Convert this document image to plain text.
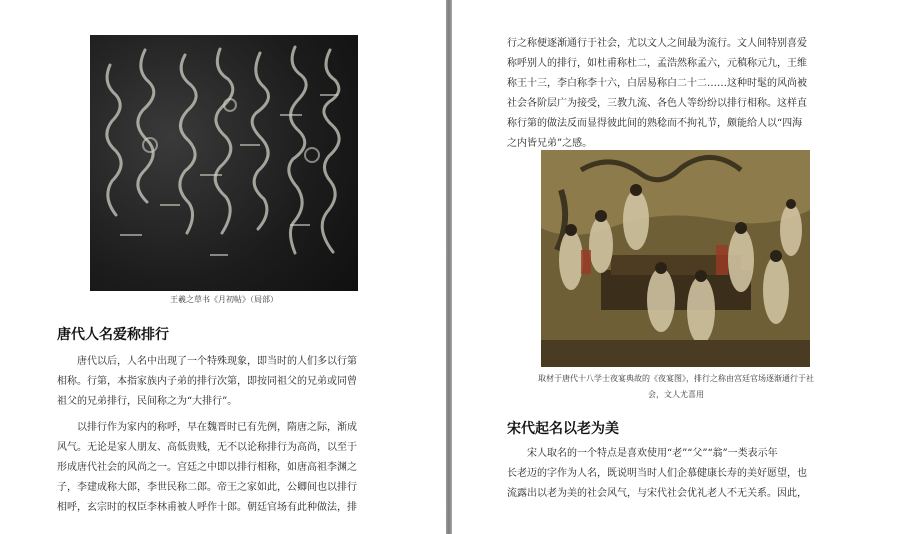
王羲之草书《月初帖》（局部）
唐代人名爱称排行
唐代以后，人名中出现了一个特殊现象，即当时的人们多以行第
相称。行第，本指家族内子弟的排行次第，即按同祖父的兄弟或同曾
祖父的兄弟排行，民间称之为“大排行”。
以排行作为家内的称呼，早在魏晋时已有先例，隋唐之际，渐成
风气。无论是家人朋友、高低贵贱，无不以论称排行为高尚，以至于
形成唐代社会的风尚之一。宫廷之中即以排行相称，如唐高祖李渊之
子，李建成称大郎，李世民称二郎。帝王之家如此，公卿间也以排行
相呼，玄宗时的权臣李林甫被人呼作十郎。朝廷官场有此种做法，排
行之称便逐渐通行于社会，尤以文人之间最为流行。文人间特别喜爱
称呼别人的排行，如杜甫称杜二，孟浩然称孟六，元稹称元九，王维
称王十三，李白称李十六，白居易称白二十二……这种时髦的风尚被
社会各阶层广为接受，三教九流、各色人等纷纷以排行相称。这样直
称行第的做法反而显得彼此间的熟稔而不拘礼节，颇能给人以“四海
之内皆兄弟”之感。
取材于唐代十八学士夜宴典故的《夜宴图》，排行之称由宫廷官场逐渐通行于社
会，文人尤喜用
宋代起名以老为美
宋人取名的一个特点是喜欢使用“老”“父”“翁”一类表示年
长老迈的字作为人名，既说明当时人们企慕健康长寿的美好愿望，也
流露出以老为美的社会风气，与宋代社会优礼老人不无关系。因此，
